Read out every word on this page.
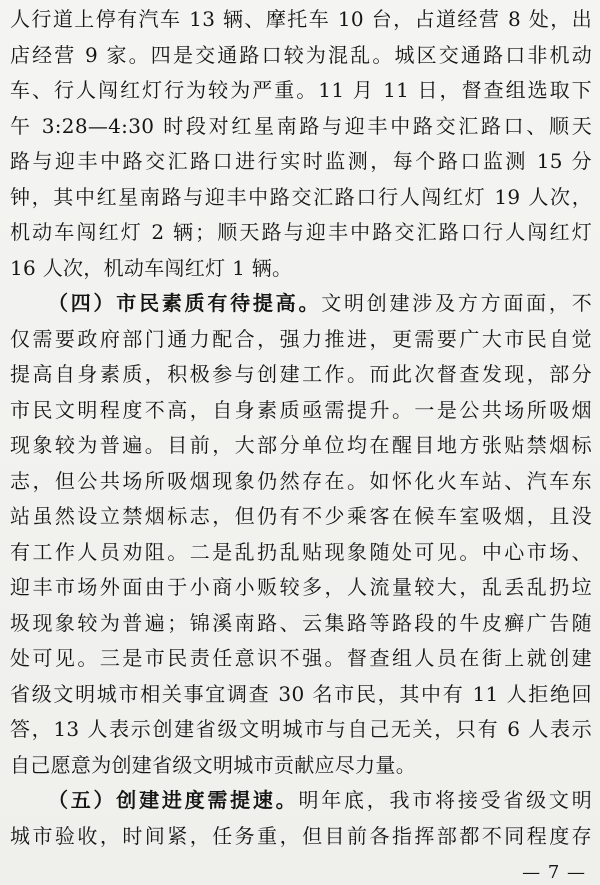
人行道上停有汽车 13 辆、摩托车 10 台，占道经营 8 处，出
店经营 9 家。四是交通路口较为混乱。城区交通路口非机动
车、行人闯红灯行为较为严重。11 月 11 日，督查组选取下
午 3:28—4:30 时段对红星南路与迎丰中路交汇路口、顺天
路与迎丰中路交汇路口进行实时监测，每个路口监测 15 分
钟，其中红星南路与迎丰中路交汇路口行人闯红灯 19 人次，
机动车闯红灯 2 辆；顺天路与迎丰中路交汇路口行人闯红灯
16 人次，机动车闯红灯 1 辆。
（四）市民素质有待提高。文明创建涉及方方面面，不
仅需要政府部门通力配合，强力推进，更需要广大市民自觉
提高自身素质，积极参与创建工作。而此次督查发现，部分
市民文明程度不高，自身素质亟需提升。一是公共场所吸烟
现象较为普遍。目前，大部分单位均在醒目地方张贴禁烟标
志，但公共场所吸烟现象仍然存在。如怀化火车站、汽车东
站虽然设立禁烟标志，但仍有不少乘客在候车室吸烟，且没
有工作人员劝阻。二是乱扔乱贴现象随处可见。中心市场、
迎丰市场外面由于小商小贩较多，人流量较大，乱丢乱扔垃
圾现象较为普遍；锦溪南路、云集路等路段的牛皮癣广告随
处可见。三是市民责任意识不强。督查组人员在街上就创建
省级文明城市相关事宜调查 30 名市民，其中有 11 人拒绝回
答，13 人表示创建省级文明城市与自己无关，只有 6 人表示
自己愿意为创建省级文明城市贡献应尽力量。
（五）创建进度需提速。明年底，我市将接受省级文明
城市验收，时间紧，任务重，但目前各指挥部都不同程度存
— 7 —
